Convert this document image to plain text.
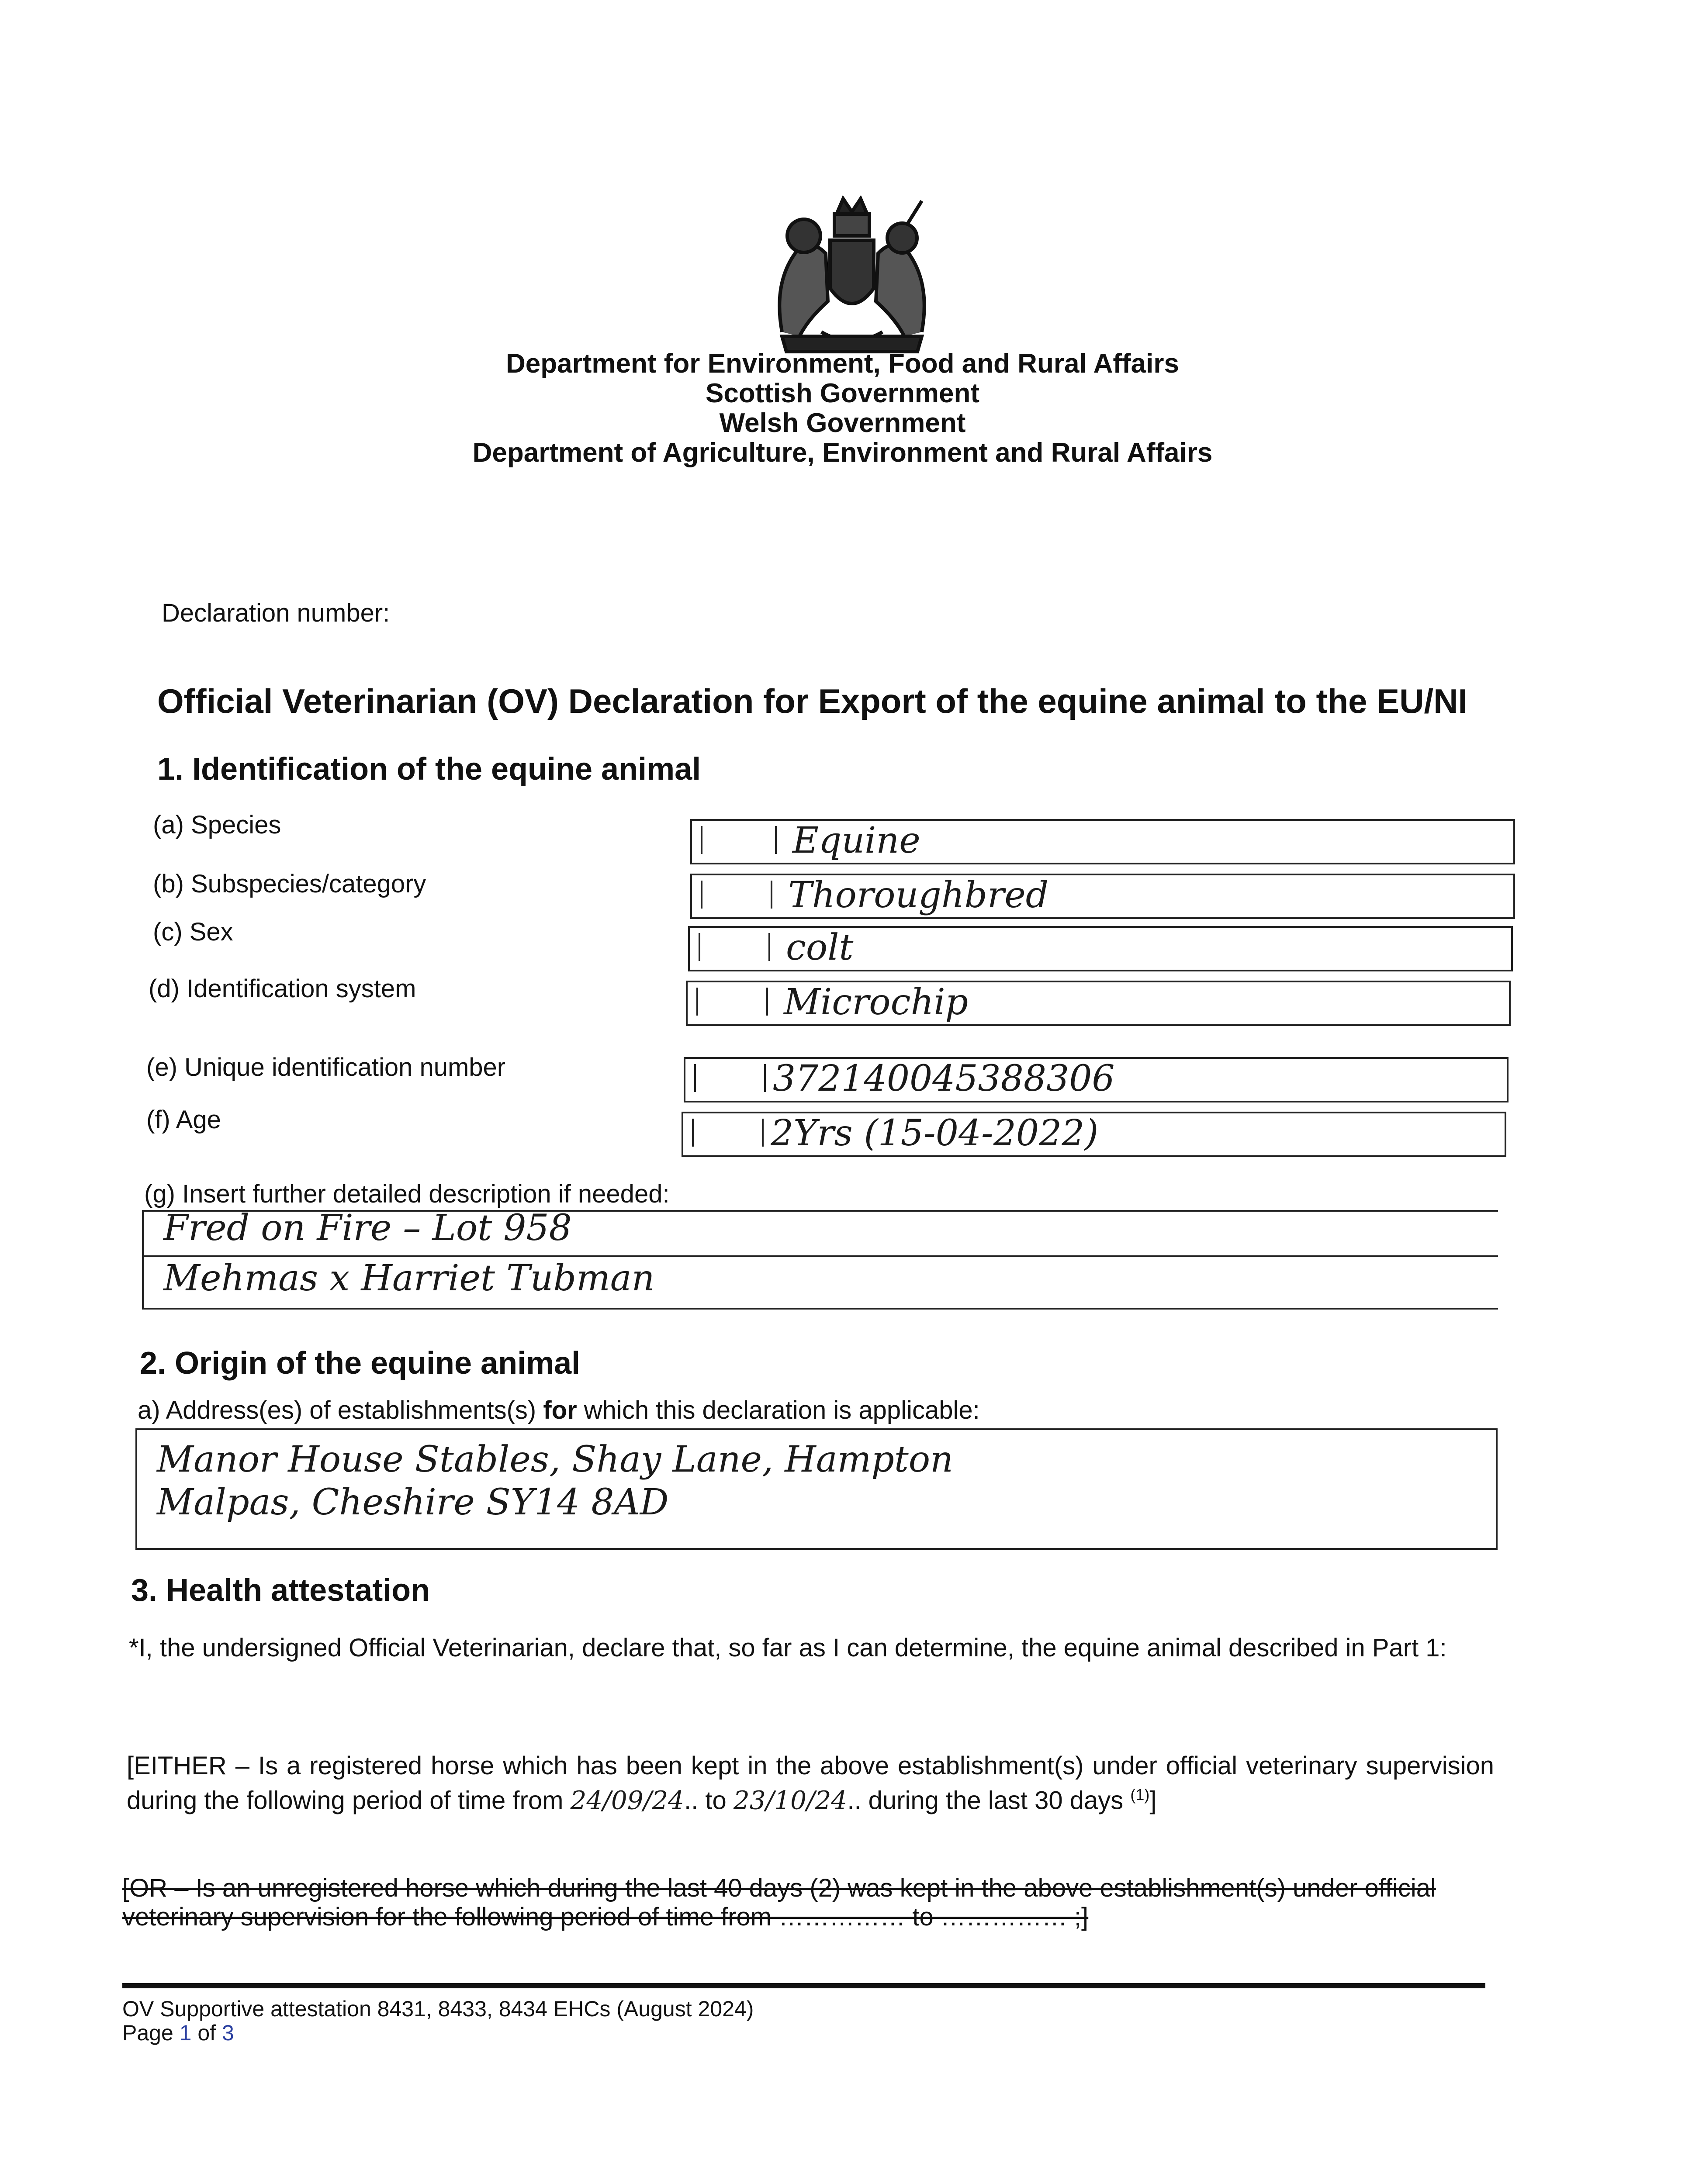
Department for Environment, Food and Rural Affairs
Scottish Government
Welsh Government
Department of Agriculture, Environment and Rural Affairs
Declaration number:
Official Veterinarian (OV) Declaration for Export of the equine animal to the EU/NI
1. Identification of the equine animal
(a) Species
(b) Subspecies/category
(c) Sex
(d) Identification system
(e) Unique identification number
(f) Age
Equine
Thoroughbred
colt
Microchip
372140045388306
2Yrs (15-04-2022)
(g) Insert further detailed description if needed:
Fred on Fire – Lot 958
Mehmas x Harriet Tubman
2. Origin of the equine animal
a) Address(es) of establishments(s) for which this declaration is applicable:
Manor House Stables, Shay Lane, Hampton
Malpas, Cheshire SY14 8AD
3. Health attestation
*I, the undersigned Official Veterinarian, declare that, so far as I can determine, the equine animal described in Part 1:
[EITHER – Is a registered horse which has been kept in the above establishment(s) under official veterinary supervision during the following period of time from 24/09/24.. to 23/10/24.. during the last 30 days $^{(1)}$]
[OR – Is an unregistered horse which during the last 40 days (2) was kept in the above establishment(s) under official veterinary supervision for the following period of time from …………… to …………… ;]
OV Supportive attestation 8431, 8433, 8434 EHCs (August 2024)
Page 1 of 3
